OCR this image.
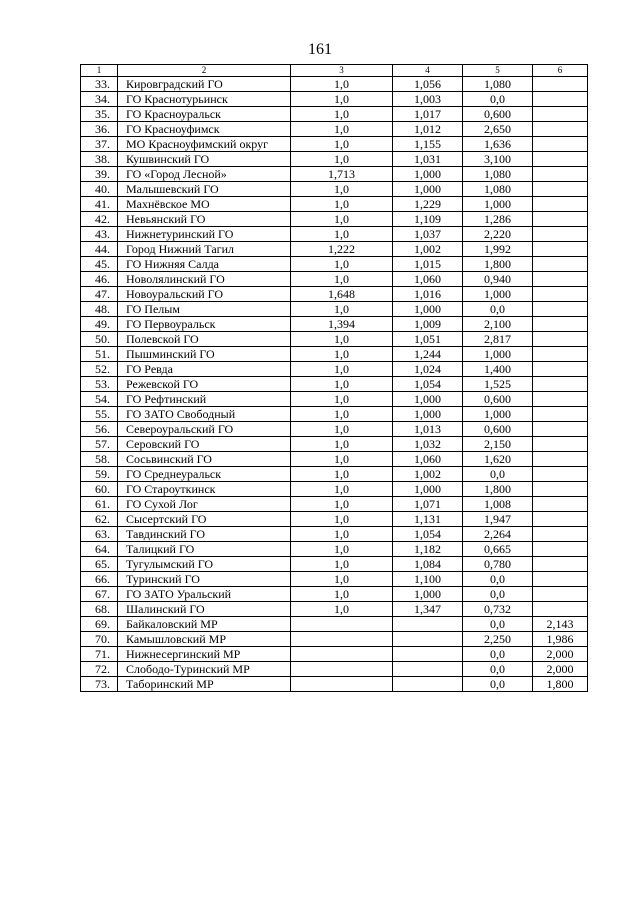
161
1	2	3	4	5	6
33.	Кировградский ГО	1,0	1,056	1,080	
34.	ГО Краснотурьинск	1,0	1,003	0,0	
35.	ГО Красноуральск	1,0	1,017	0,600	
36.	ГО Красноуфимск	1,0	1,012	2,650	
37.	МО Красноуфимский округ	1,0	1,155	1,636	
38.	Кушвинский ГО	1,0	1,031	3,100	
39.	ГО «Город Лесной»	1,713	1,000	1,080	
40.	Малышевский ГО	1,0	1,000	1,080	
41.	Махнёвское МО	1,0	1,229	1,000	
42.	Невьянский ГО	1,0	1,109	1,286	
43.	Нижнетуринский ГО	1,0	1,037	2,220	
44.	Город Нижний Тагил	1,222	1,002	1,992	
45.	ГО Нижняя Салда	1,0	1,015	1,800	
46.	Новолялинский ГО	1,0	1,060	0,940	
47.	Новоуральский ГО	1,648	1,016	1,000	
48.	ГО Пелым	1,0	1,000	0,0	
49.	ГО Первоуральск	1,394	1,009	2,100	
50.	Полевской ГО	1,0	1,051	2,817	
51.	Пышминский ГО	1,0	1,244	1,000	
52.	ГО Ревда	1,0	1,024	1,400	
53.	Режевской ГО	1,0	1,054	1,525	
54.	ГО Рефтинский	1,0	1,000	0,600	
55.	ГО ЗАТО Свободный	1,0	1,000	1,000	
56.	Североуральский ГО	1,0	1,013	0,600	
57.	Серовский ГО	1,0	1,032	2,150	
58.	Сосьвинский ГО	1,0	1,060	1,620	
59.	ГО Среднеуральск	1,0	1,002	0,0	
60.	ГО Староуткинск	1,0	1,000	1,800	
61.	ГО Сухой Лог	1,0	1,071	1,008	
62.	Сысертский ГО	1,0	1,131	1,947	
63.	Тавдинский ГО	1,0	1,054	2,264	
64.	Талицкий ГО	1,0	1,182	0,665	
65.	Тугулымский ГО	1,0	1,084	0,780	
66.	Туринский ГО	1,0	1,100	0,0	
67.	ГО ЗАТО Уральский	1,0	1,000	0,0	
68.	Шалинский ГО	1,0	1,347	0,732	
69.	Байкаловский МР			0,0	2,143
70.	Камышловский МР			2,250	1,986
71.	Нижнесергинский МР			0,0	2,000
72.	Слободо-Туринский МР			0,0	2,000
73.	Таборинский МР			0,0	1,800
